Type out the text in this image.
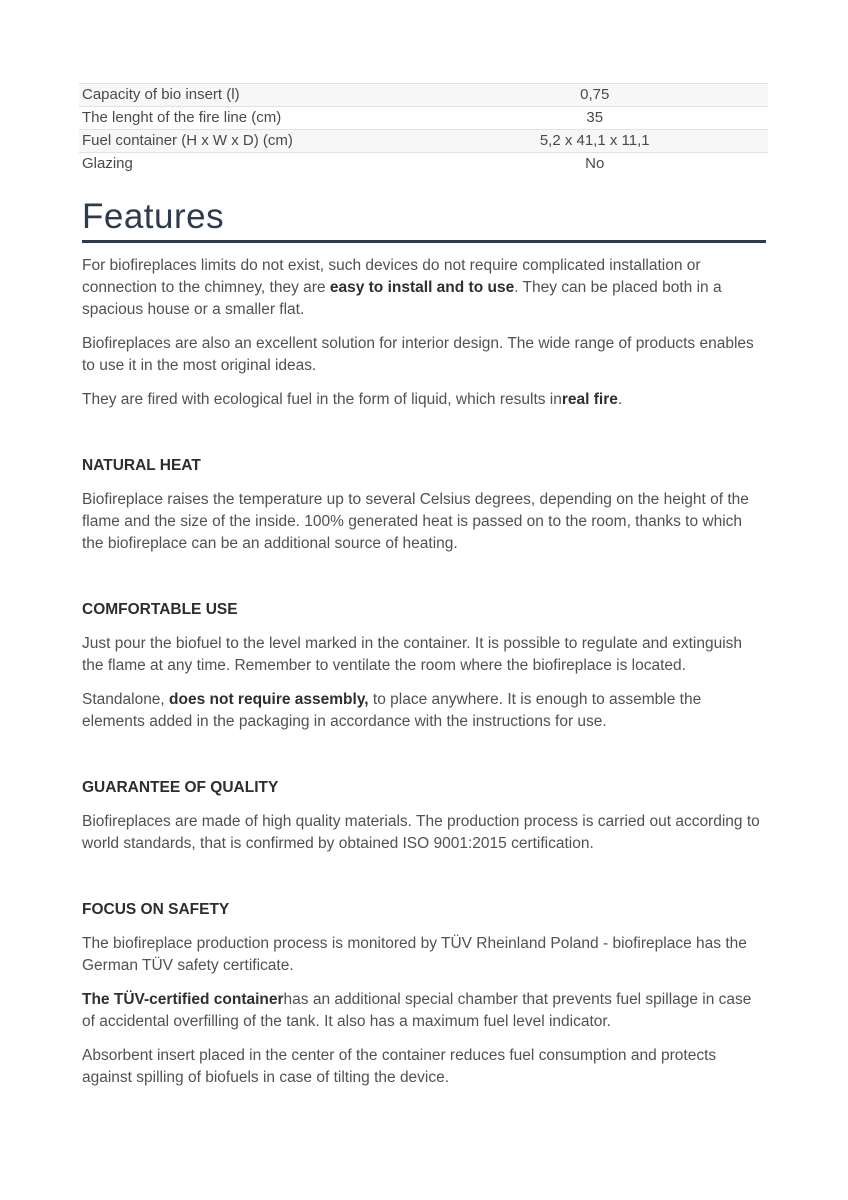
Capacity of bio insert (l)	0,75
The lenght of the fire line (cm)	35
Fuel container (H x W x D) (cm)	5,2 x 41,1 x 11,1
Glazing	No
Features

For biofireplaces limits do not exist, such devices do not require complicated installation or connection to the chimney, they are easy to install and to use. They can be placed both in a spacious house or a smaller flat.

Biofireplaces are also an excellent solution for interior design. The wide range of products enables to use it in the most original ideas.

They are fired with ecological fuel in the form of liquid, which results inreal fire.

NATURAL HEAT

Biofireplace raises the temperature up to several Celsius degrees, depending on the height of the flame and the size of the inside. 100% generated heat is passed on to the room, thanks to which the biofireplace can be an additional source of heating.

COMFORTABLE USE

Just pour the biofuel to the level marked in the container. It is possible to regulate and extinguish the flame at any time. Remember to ventilate the room where the biofireplace is located.

Standalone, does not require assembly, to place anywhere. It is enough to assemble the elements added in the packaging in accordance with the instructions for use.

GUARANTEE OF QUALITY

Biofireplaces are made of high quality materials. The production process is carried out according to world standards, that is confirmed by obtained ISO 9001:2015 certification.

FOCUS ON SAFETY

The biofireplace production process is monitored by TÜV Rheinland Poland - biofireplace has the German TÜV safety certificate.

The TÜV-certified containerhas an additional special chamber that prevents fuel spillage in case of accidental overfilling of the tank. It also has a maximum fuel level indicator.

Absorbent insert placed in the center of the container reduces fuel consumption and protects against spilling of biofuels in case of tilting the device.
